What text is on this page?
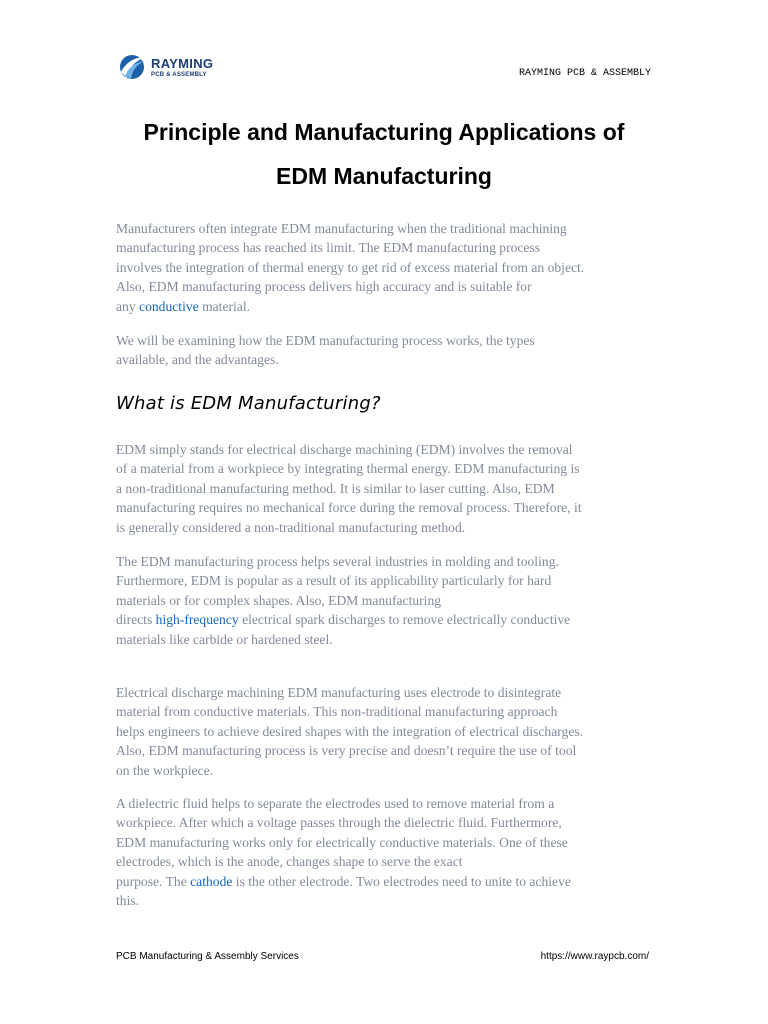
RAYMING
PCB & ASSEMBLY	RAYMING PCB & ASSEMBLY
Principle and Manufacturing Applications of
EDM Manufacturing

Manufacturers often integrate EDM manufacturing when the traditional machining
manufacturing process has reached its limit. The EDM manufacturing process
involves the integration of thermal energy to get rid of excess material from an object.
Also, EDM manufacturing process delivers high accuracy and is suitable for
any conductive material.

We will be examining how the EDM manufacturing process works, the types
available, and the advantages.

What is EDM Manufacturing?

EDM simply stands for electrical discharge machining (EDM) involves the removal
of a material from a workpiece by integrating thermal energy. EDM manufacturing is
a non-traditional manufacturing method. It is similar to laser cutting. Also, EDM
manufacturing requires no mechanical force during the removal process. Therefore, it
is generally considered a non-traditional manufacturing method.

The EDM manufacturing process helps several industries in molding and tooling.
Furthermore, EDM is popular as a result of its applicability particularly for hard
materials or for complex shapes. Also, EDM manufacturing
directs high-frequency electrical spark discharges to remove electrically conductive
materials like carbide or hardened steel.

Electrical discharge machining EDM manufacturing uses electrode to disintegrate
material from conductive materials. This non-traditional manufacturing approach
helps engineers to achieve desired shapes with the integration of electrical discharges.
Also, EDM manufacturing process is very precise and doesn’t require the use of tool
on the workpiece.

A dielectric fluid helps to separate the electrodes used to remove material from a
workpiece. After which a voltage passes through the dielectric fluid. Furthermore,
EDM manufacturing works only for electrically conductive materials. One of these
electrodes, which is the anode, changes shape to serve the exact
purpose. The cathode is the other electrode. Two electrodes need to unite to achieve
this.

PCB Manufacturing & Assembly Services	https://www.raypcb.com/
